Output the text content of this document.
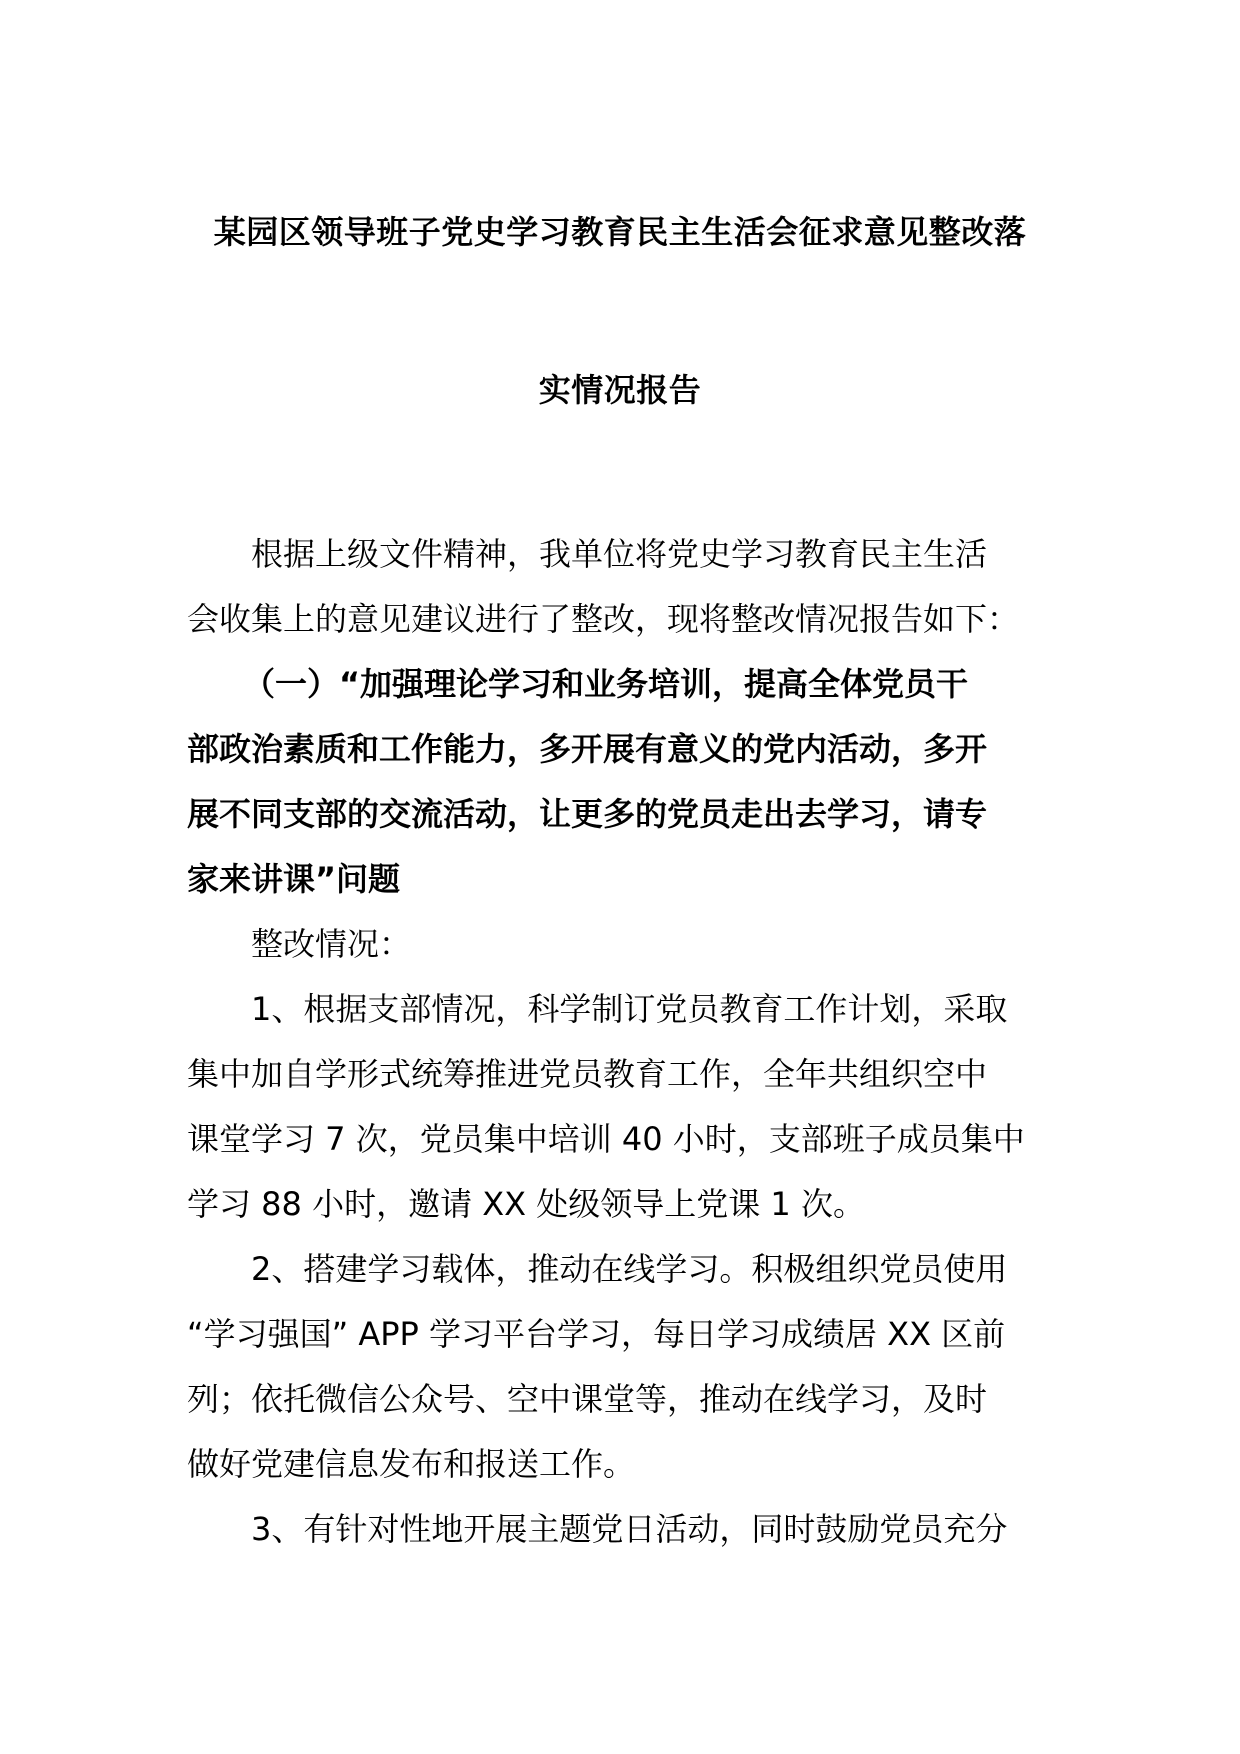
某园区领导班子党史学习教育民主生活会征求意见整改落
实情况报告
根据上级文件精神，我单位将党史学习教育民主生活
会收集上的意见建议进行了整改，现将整改情况报告如下：
（一）“加强理论学习和业务培训，提高全体党员干
部政治素质和工作能力，多开展有意义的党内活动，多开
展不同支部的交流活动，让更多的党员走出去学习，请专
家来讲课”问题
整改情况：
1、根据支部情况，科学制订党员教育工作计划，采取
集中加自学形式统筹推进党员教育工作，全年共组织空中
课堂学习 7 次，党员集中培训 40 小时，支部班子成员集中
学习 88 小时，邀请 XX 处级领导上党课 1 次。
2、搭建学习载体，推动在线学习。积极组织党员使用
“学习强国” APP 学习平台学习，每日学习成绩居 XX 区前
列；依托微信公众号、空中课堂等，推动在线学习，及时
做好党建信息发布和报送工作。
3、有针对性地开展主题党日活动，同时鼓励党员充分
